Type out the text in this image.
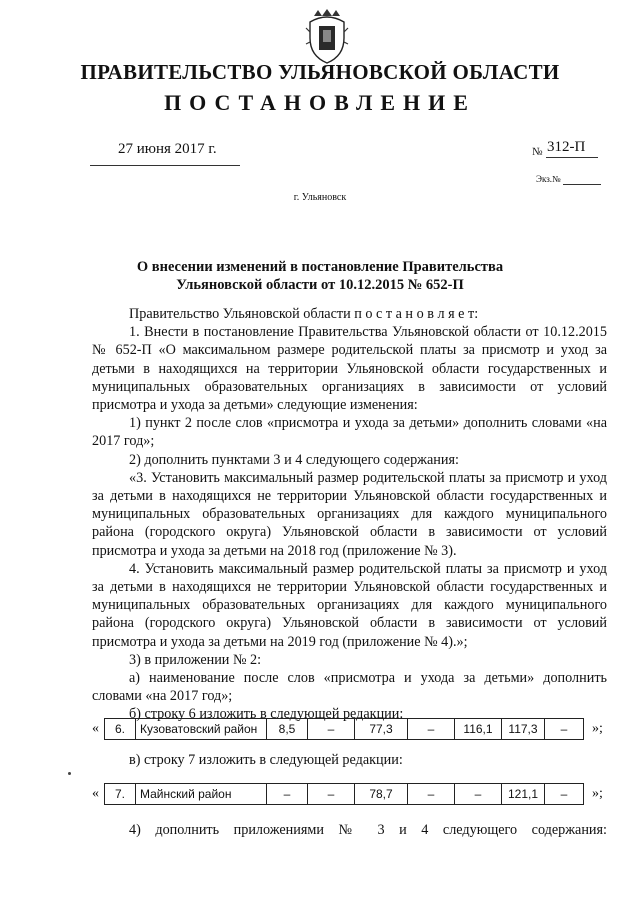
ПРАВИТЕЛЬСТВО УЛЬЯНОВСКОЙ ОБЛАСТИ
ПОСТАНОВЛЕНИЕ
27 июня 2017 г.	№ 312-П
Экз.№
г. Ульяновск
О внесении изменений в постановление Правительства Ульяновской области от 10.12.2015 № 652-П

Правительство Ульяновской области п о с т а н о в л я е т:

1. Внести в постановление Правительства Ульяновской области от 10.12.2015 № 652-П «О максимальном размере родительской платы за присмотр и уход за детьми в находящихся на территории Ульяновской области государственных и муниципальных образовательных организациях в зависимости от условий присмотра и ухода за детьми» следующие изменения:

1) пункт 2 после слов «присмотра и ухода за детьми» дополнить словами «на 2017 год»;

2) дополнить пунктами 3 и 4 следующего содержания:

«3. Установить максимальный размер родительской платы за присмотр и уход за детьми в находящихся не территории Ульяновской области государственных и муниципальных образовательных организациях для каждого муниципального района (городского округа) Ульяновской области в зависимости от условий присмотра и ухода за детьми на 2018 год (приложение № 3).

4. Установить максимальный размер родительской платы за присмотр и уход за детьми в находящихся не территории Ульяновской области государственных и муниципальных образовательных организациях для каждого муниципального района (городского округа) Ульяновской области в зависимости от условий присмотра и ухода за детьми на 2019 год (приложение № 4).»;

3) в приложении № 2:

а) наименование после слов «присмотра и ухода за детьми» дополнить словами «на 2017 год»;

б) строку 6 изложить в следующей редакции:

« 6.	Кузоватовский район	8,5	–	77,3	–	116,1	117,3	– »;
в) строку 7 изложить в следующей редакции:
« 7.	Майнский район	–	–	78,7	–	–	121,1	– »;
4) дополнить приложениями № 3 и 4 следующего содержания:
